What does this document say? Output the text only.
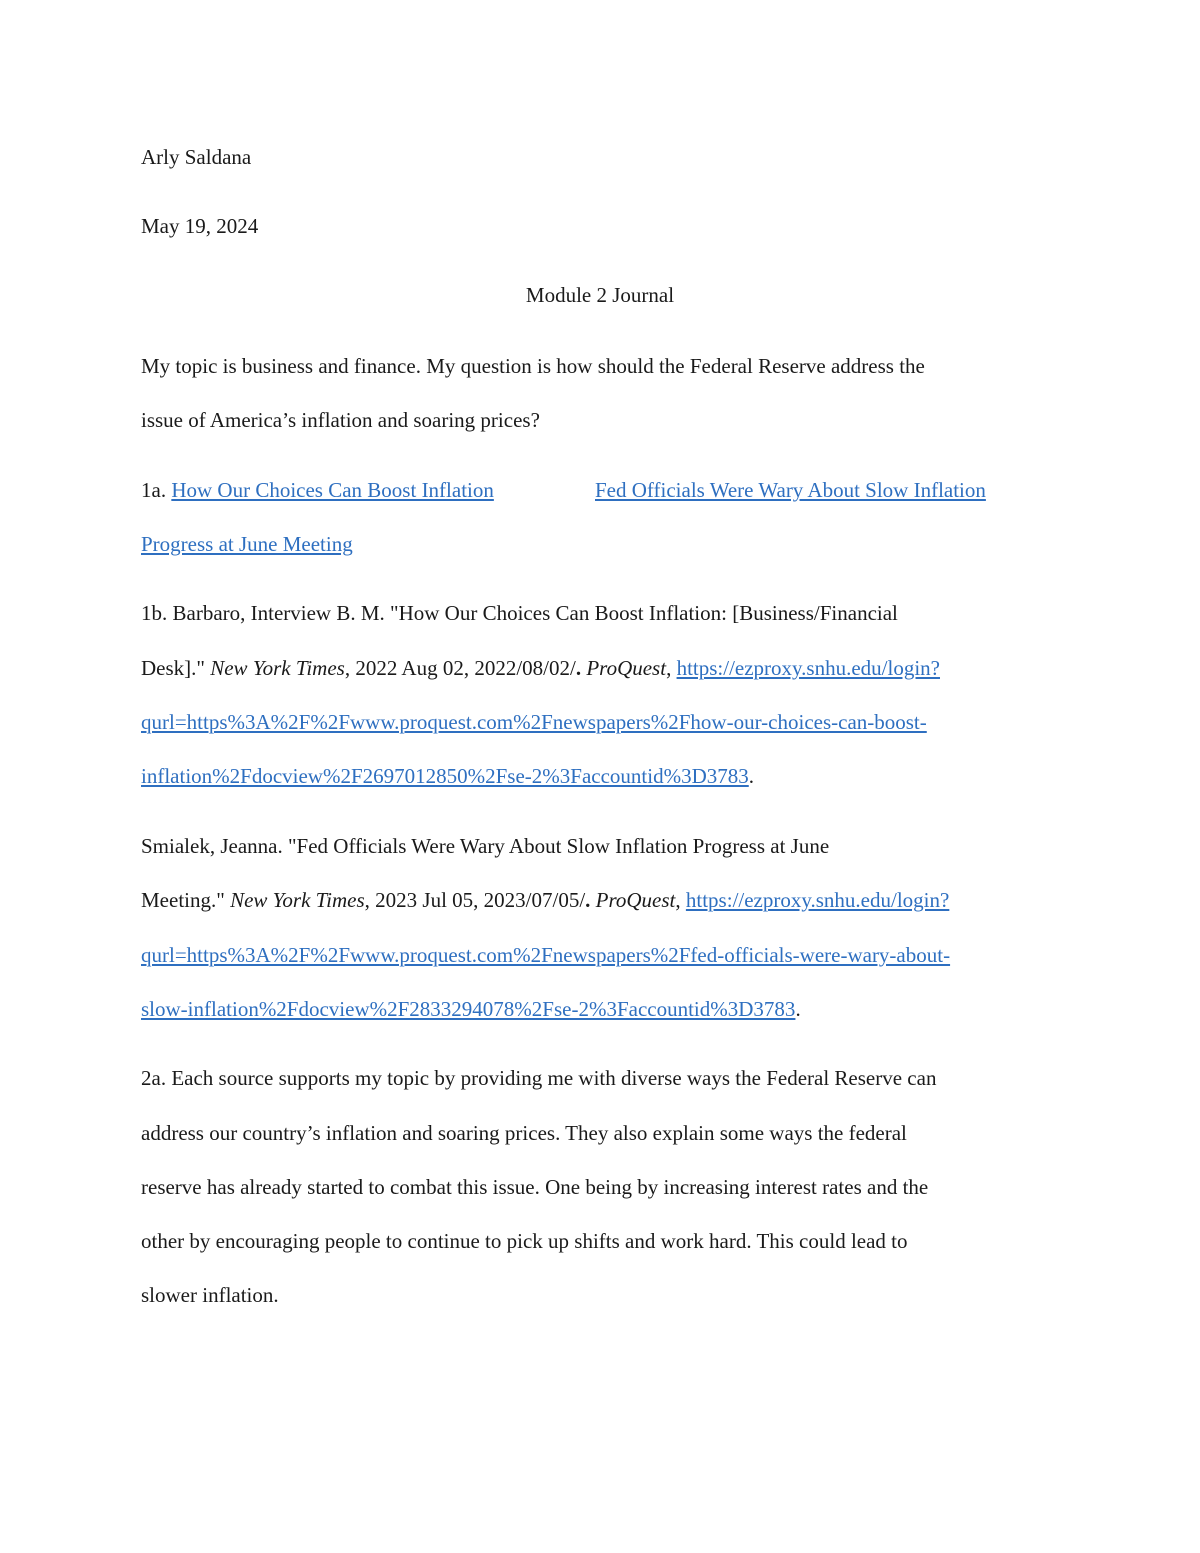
Arly Saldana
May 19, 2024
Module 2 Journal
My topic is business and finance. My question is how should the Federal Reserve address the
issue of America’s inflation and soaring prices?
1a. How Our Choices Can Boost Inflation	Fed Officials Were Wary About Slow Inflation
Progress at June Meeting
1b. Barbaro, Interview B. M. "How Our Choices Can Boost Inflation: [Business/Financial
Desk]." New York Times, 2022 Aug 02, 2022/08/02/. ProQuest, https://ezproxy.snhu.edu/login?
qurl=https%3A%2F%2Fwww.proquest.com%2Fnewspapers%2Fhow-our-choices-can-boost-
inflation%2Fdocview%2F2697012850%2Fse-2%3Faccountid%3D3783.
Smialek, Jeanna. "Fed Officials Were Wary About Slow Inflation Progress at June
Meeting." New York Times, 2023 Jul 05, 2023/07/05/. ProQuest, https://ezproxy.snhu.edu/login?
qurl=https%3A%2F%2Fwww.proquest.com%2Fnewspapers%2Ffed-officials-were-wary-about-
slow-inflation%2Fdocview%2F2833294078%2Fse-2%3Faccountid%3D3783.
2a. Each source supports my topic by providing me with diverse ways the Federal Reserve can
address our country’s inflation and soaring prices. They also explain some ways the federal
reserve has already started to combat this issue. One being by increasing interest rates and the
other by encouraging people to continue to pick up shifts and work hard. This could lead to
slower inflation.
